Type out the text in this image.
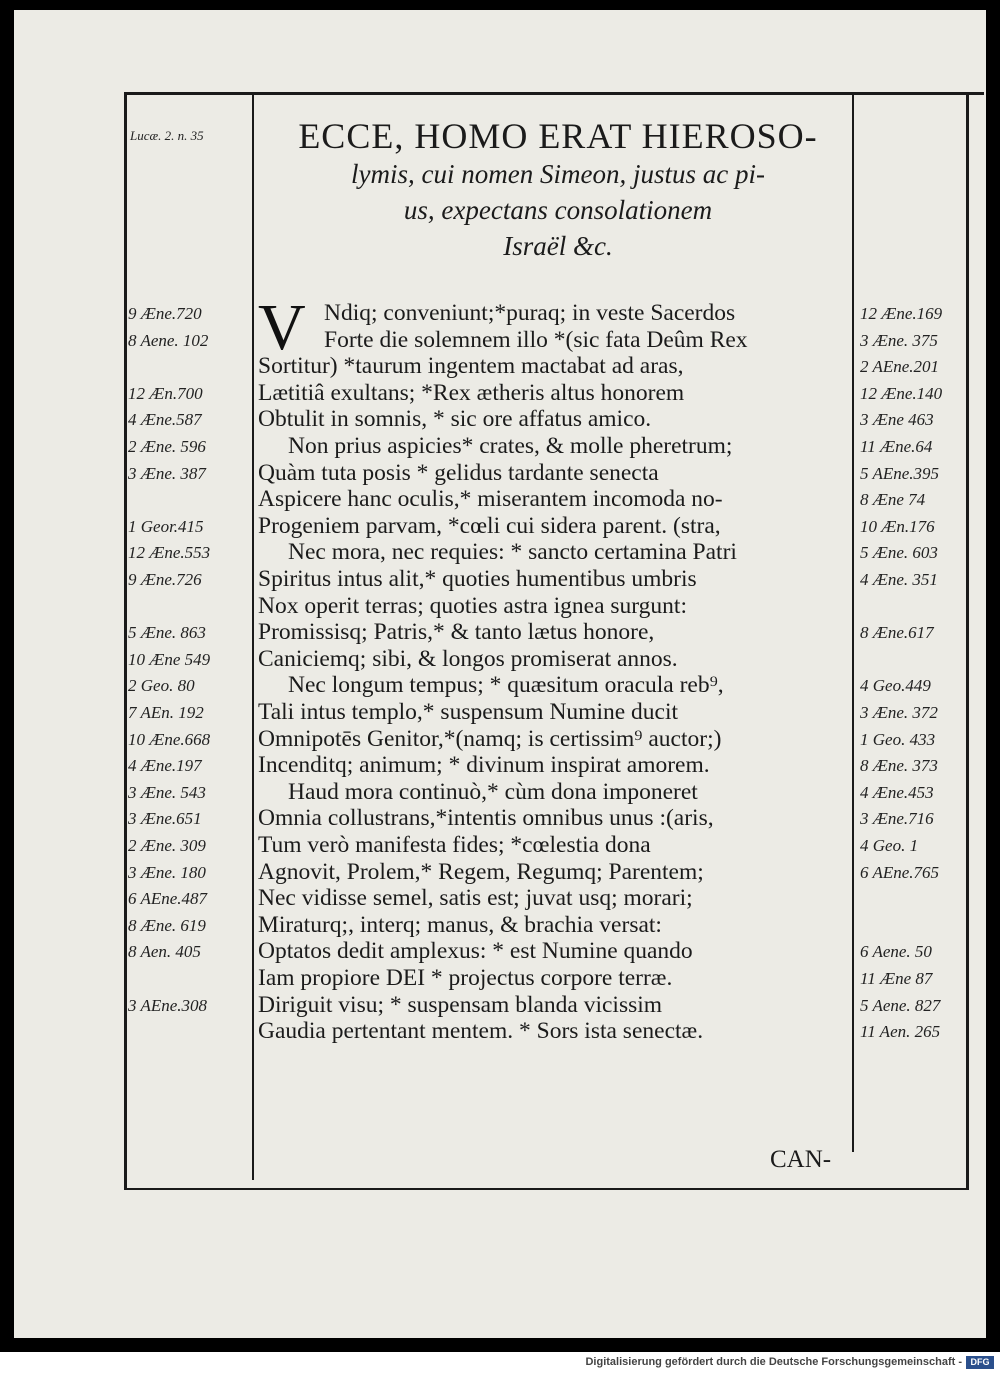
Lucæ. 2. n. 35	ECCE, HOMO ERAT HIEROSO-
lymis, cui nomen Simeon, justus ac pi-
us, expectans consolationem
Israël &c.
V Ndiq; conveniunt;*puraq; in veste Sacerdos
Forte die solemnem illo *(sic fata Deûm Rex
Sortitur) *taurum ingentem mactabat ad aras,
Lætitiâ exultans; *Rex ætheris altus honorem
Obtulit in somnis, * sic ore affatus amico.
Non prius aspicies* crates, & molle pheretrum;
Quàm tuta posis * gelidus tardante senecta
Aspicere hanc oculis,* miserantem incomoda no-
Progeniem parvam, *cœli cui sidera parent. (stra,
Nec mora, nec requies: * sancto certamina Patri
Spiritus intus alit,* quoties humentibus umbris
Nox operit terras; quoties astra ignea surgunt:
Promissisq; Patris,* & tanto lætus honore,
Caniciemq; sibi, & longos promiserat annos.
Nec longum tempus; * quæsitum oracula reb⁹,
Tali intus templo,* suspensum Numine ducit
Omnipotēs Genitor,*(namq; is certissim⁹ auctor;)
Incenditq; animum; * divinum inspirat amorem.
Haud mora continuò,* cùm dona imponeret
Omnia collustrans,*intentis omnibus unus :(aris,
Tum verò manifesta fides; *cœlestia dona
Agnovit, Prolem,* Regem, Regumq; Parentem;
Nec vidisse semel, satis est; juvat usq; morari;
Miraturq;, interq; manus, & brachia versat:
Optatos dedit amplexus: * est Numine quando
Iam propiore DEI * projectus corpore terræ.
Diriguit visu; * suspensam blanda vicissim
Gaudia pertentant mentem. * Sors ista senectæ.
9 Æne.720
8 Aene. 102
12 Æn.700
4 Æne.587
2 Æne. 596
3 Æne. 387
1 Geor.415
12 Æne.553
9 Æne.726
5 Æne. 863
10 Æne 549
2 Geo. 80
7 AEn. 192
10 Æne.668
4 Æne.197
3 Æne. 543
3 Æne.651
2 Æne. 309
3 Æne. 180
6 AEne.487
8 Æne. 619
8 Aen. 405
3 AEne.308
12 Æne.169
3 Æne. 375
2 AEne.201
12 Æne.140
3 Æne 463
11 Æne.64
5 AEne.395
8 Æne 74
10 Æn.176
5 Æne. 603
4 Æne. 351
8 Æne.617
4 Geo.449
3 Æne. 372
1 Geo. 433
8 Æne. 373
4 Æne.453
3 Æne.716
4 Geo. 1
6 AEne.765
6 Aene. 50
11 Æne 87
5 Aene. 827
11 Aen. 265
CAN-
Digitalisierung gefördert durch die Deutsche Forschungsgemeinschaft - DFG
